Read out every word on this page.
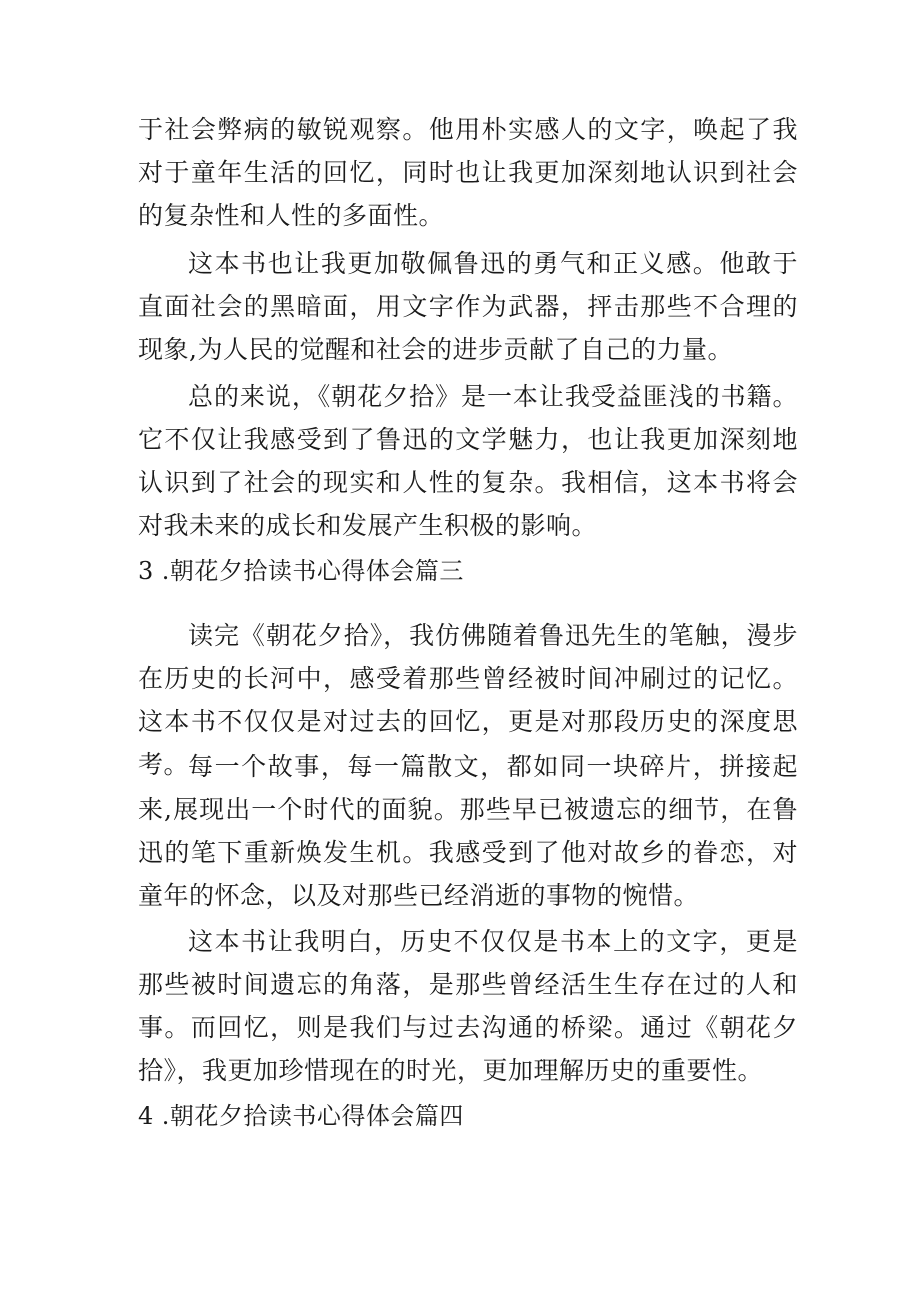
于社会弊病的敏锐观察。他用朴实感人的文字，唤起了我对于童年生活的回忆，同时也让我更加深刻地认识到社会的复杂性和人性的多面性。

这本书也让我更加敬佩鲁迅的勇气和正义感。他敢于直面社会的黑暗面，用文字作为武器，抨击那些不合理的现象,为人民的觉醒和社会的进步贡献了自己的力量。

总的来说，《朝花夕拾》是一本让我受益匪浅的书籍。它不仅让我感受到了鲁迅的文学魅力，也让我更加深刻地认识到了社会的现实和人性的复杂。我相信，这本书将会对我未来的成长和发展产生积极的影响。

3 .朝花夕拾读书心得体会篇三

读完《朝花夕拾》，我仿佛随着鲁迅先生的笔触，漫步在历史的长河中，感受着那些曾经被时间冲刷过的记忆。这本书不仅仅是对过去的回忆，更是对那段历史的深度思考。

每一个故事，每一篇散文，都如同一块碎片，拼接起来,展现出一个时代的面貌。那些早已被遗忘的细节，在鲁迅的笔下重新焕发生机。我感受到了他对故乡的眷恋，对童年的怀念，以及对那些已经消逝的事物的惋惜。

这本书让我明白，历史不仅仅是书本上的文字，更是那些被时间遗忘的角落，是那些曾经活生生存在过的人和事。而回忆，则是我们与过去沟通的桥梁。通过《朝花夕拾》，我更加珍惜现在的时光，更加理解历史的重要性。

4 .朝花夕拾读书心得体会篇四
